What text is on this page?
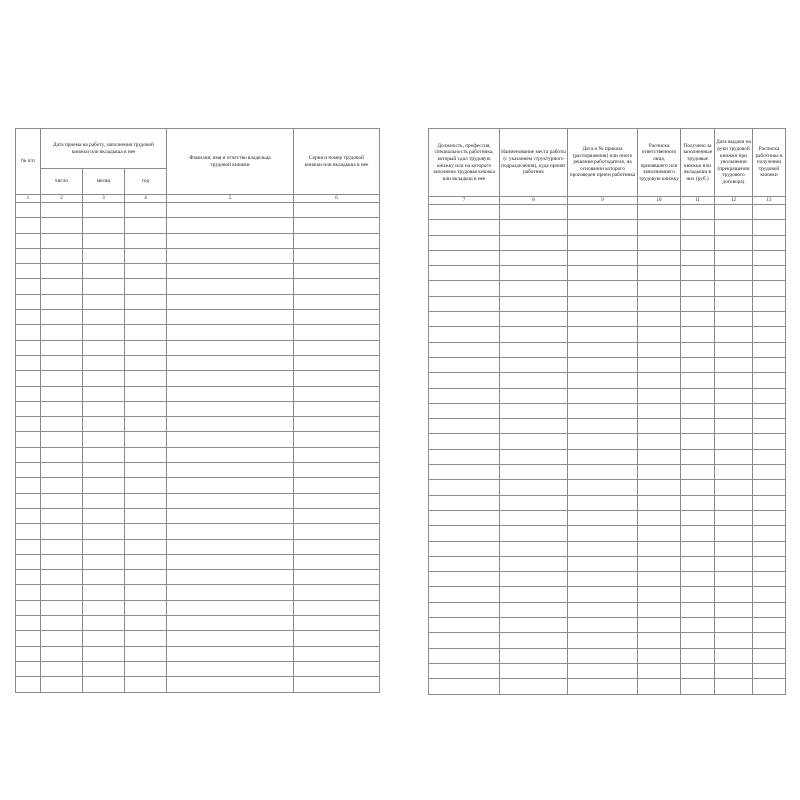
№ п/п	Дата приема на работу, заполнения трудовой книжки или вкладыша в нее			Фамилия, имя и отчество владельца трудовой книжки	Серия и номер трудовой книжки или вкладыша в нее
	число	месяц	год		
1	2	3	4	5	6

Должность, профессия, специальность работника, который сдал трудовую книжку или на которого заполнена трудовая книжка или вкладыш в нее	Наименование места работы (с указанием структурного подразделения), куда принят работник	Дата и № приказа (распоряжения) или иного решения работодателя, на основании которого произведен прием работника	Расписка ответственного лица, принявшего или заполнившего трудовую книжку	Получено за заполненные трудовые книжки или вкладыши в них (руб.)	Дата выдачи на руки трудовой книжки при увольнении (прекращении трудового договора)	Расписка работника в получении трудовой книжки
7	8	9	10	11	12	13
